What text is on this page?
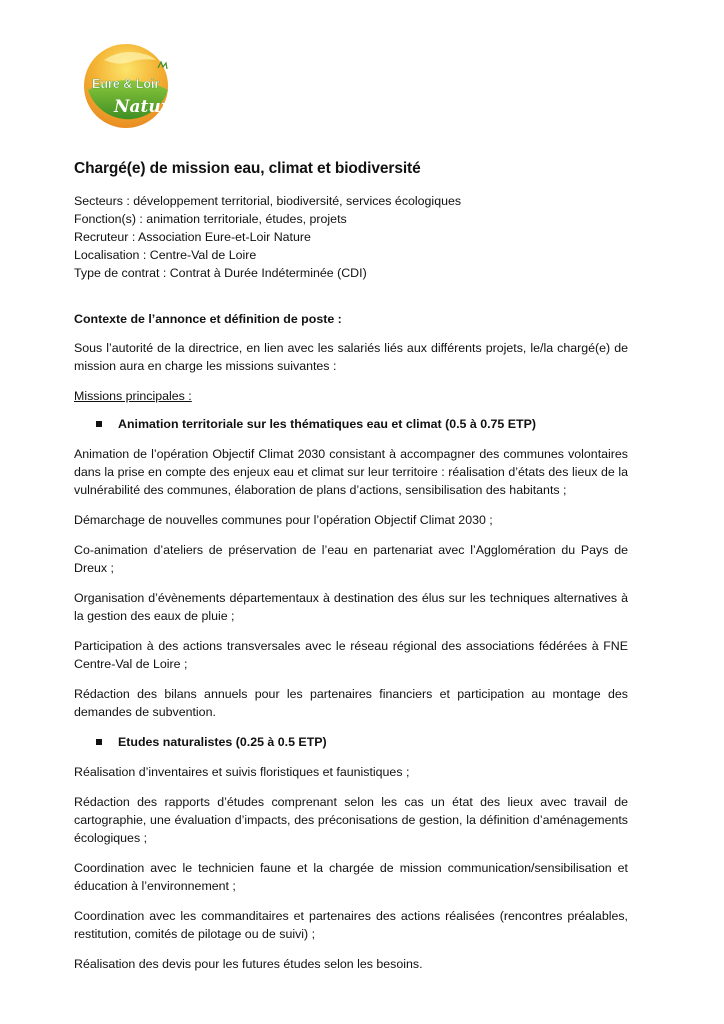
Eure & Loir
Nature
Chargé(e) de mission eau, climat et biodiversité

Secteurs : développement territorial, biodiversité, services écologiques

Fonction(s) : animation territoriale, études, projets

Recruteur : Association Eure-et-Loir Nature

Localisation : Centre-Val de Loire

Type de contrat : Contrat à Durée Indéterminée (CDI)

Contexte de l’annonce et définition de poste :

Sous l’autorité de la directrice, en lien avec les salariés liés aux différents projets, le/la chargé(e) de mission aura en charge les missions suivantes :

Missions principales :

Animation territoriale sur les thématiques eau et climat (0.5 à 0.75 ETP)

Animation de l’opération Objectif Climat 2030 consistant à accompagner des communes volontaires dans la prise en compte des enjeux eau et climat sur leur territoire : réalisation d’états des lieux de la vulnérabilité des communes, élaboration de plans d’actions, sensibilisation des habitants ;

Démarchage de nouvelles communes pour l’opération Objectif Climat 2030 ;

Co-animation d’ateliers de préservation de l’eau en partenariat avec l’Agglomération du Pays de Dreux ;

Organisation d’évènements départementaux à destination des élus sur les techniques alternatives à la gestion des eaux de pluie ;

Participation à des actions transversales avec le réseau régional des associations fédérées à FNE Centre-Val de Loire ;

Rédaction des bilans annuels pour les partenaires financiers et participation au montage des demandes de subvention.

Etudes naturalistes (0.25 à 0.5 ETP)

Réalisation d’inventaires et suivis floristiques et faunistiques ;

Rédaction des rapports d’études comprenant selon les cas un état des lieux avec travail de cartographie, une évaluation d’impacts, des préconisations de gestion, la définition d’aménagements écologiques ;

Coordination avec le technicien faune et la chargée de mission communication/sensibilisation et éducation à l’environnement ;

Coordination avec les commanditaires et partenaires des actions réalisées (rencontres préalables, restitution, comités de pilotage ou de suivi) ;

Réalisation des devis pour les futures études selon les besoins.
